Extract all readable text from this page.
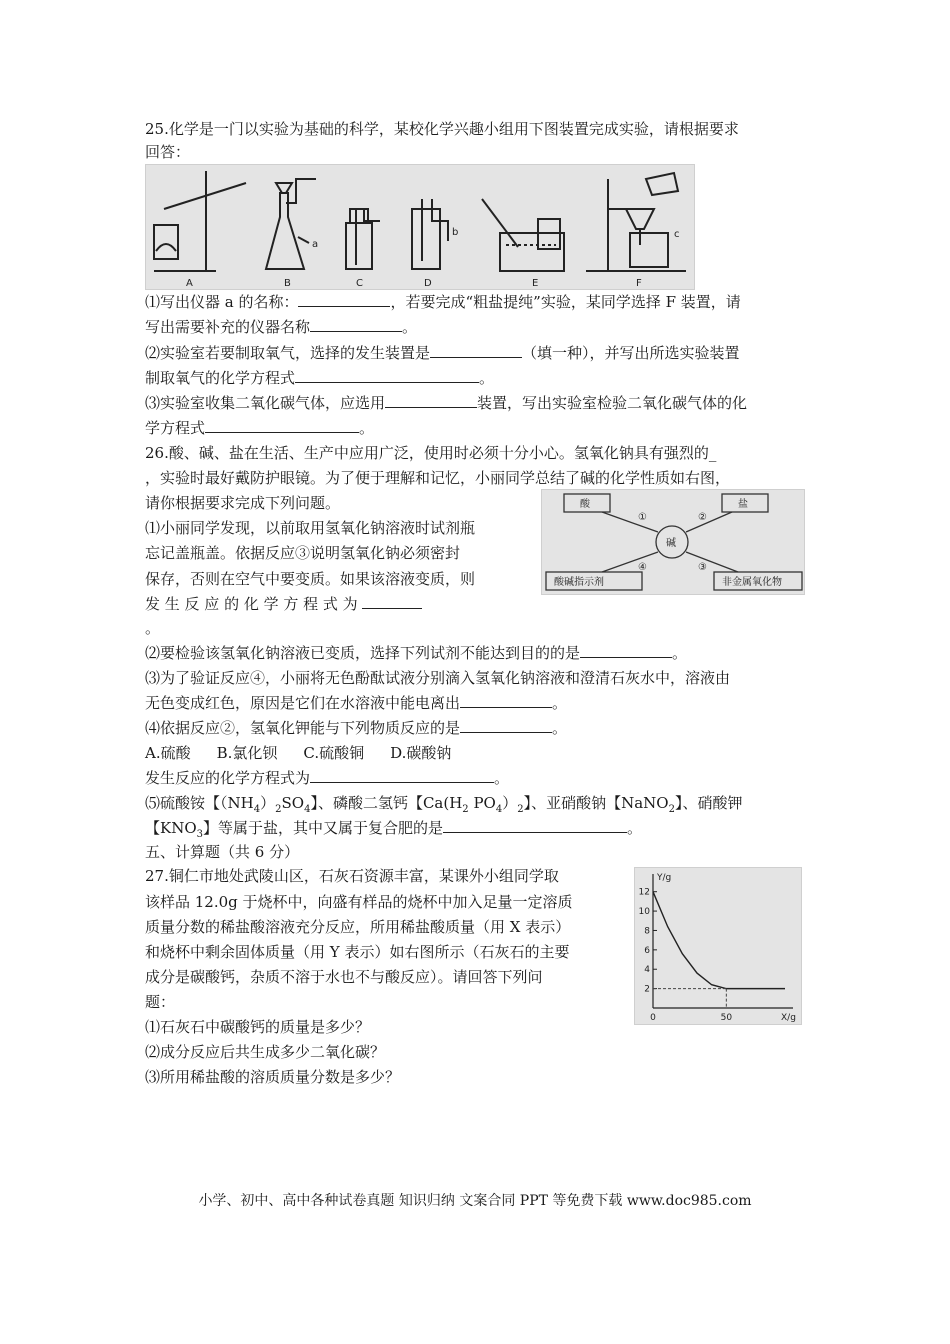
25.化学是一门以实验为基础的科学，某校化学兴趣小组用下图装置完成实验，请根据要求
回答：
A	B	C	D	E	F
a
b	c
⑴写出仪器 a 的名称：	，若要完成“粗盐提纯”实验，某同学选择 F 装置，请
写出需要补充的仪器名称	。
⑵实验室若要制取氧气，选择的发生装置是	（填一种），并写出所选实验装置
制取氧气的化学方程式	。
⑶实验室收集二氧化碳气体，应选用	装置，写出实验室检验二氧化碳气体的化
学方程式	。
26.酸、碱、盐在生活、生产中应用广泛，使用时必须十分小心。氢氧化钠具有强烈的_
，实验时最好戴防护眼镜。为了便于理解和记忆，小丽同学总结了碱的化学性质如右图，
请你根据要求完成下列问题。	酸	盐
酸碱指示剂	非金属氧化物
碱
①	②
③
④
⑴小丽同学发现，以前取用氢氧化钠溶液时试剂瓶
忘记盖瓶盖。依据反应③说明氢氧化钠必须密封
保存，否则在空气中要变质。如果该溶液变质，则
发 生 反 应 的 化 学 方 程 式 为
。
⑵要检验该氢氧化钠溶液已变质，选择下列试剂不能达到目的的是	。
⑶为了验证反应④，小丽将无色酚酞试液分别滴入氢氧化钠溶液和澄清石灰水中，溶液由
无色变成红色，原因是它们在水溶液中能电离出	。
⑷依据反应②，氢氧化钾能与下列物质反应的是	。
A.硫酸 B.氯化钡 C.硫酸铜 D.碳酸钠
发生反应的化学方程式为	。
⑸硫酸铵【$(NH_4)_2SO_4$】、磷酸二氢钙【$Ca(H_2$ $PO_4)_2$】、亚硝酸钠【NaNO$_2$】、硝酸钾
【$KNO_3$】等属于盐，其中又属于复合肥的是	。
五、计算题（共 6 分）
27.铜仁市地处武陵山区，石灰石资源丰富，某课外小组同学取
该样品 12.0g 于烧杯中，向盛有样品的烧杯中加入足量一定溶质
质量分数的稀盐酸溶液充分反应，所用稀盐酸质量（用 X 表示）
和烧杯中剩余固体质量（用 Y 表示）如右图所示（石灰石的主要
成分是碳酸钙，杂质不溶于水也不与酸反应）。请回答下列问
题：
⑴石灰石中碳酸钙的质量是多少？
⑵成分反应后共生成多少二氧化碳？
⑶所用稀盐酸的溶质质量分数是多少？
12
10
8
6
4
2
0	50
Y/g
X/g
小学、初中、高中各种试卷真题 知识归纳 文案合同 PPT 等免费下载 www.doc985.com
